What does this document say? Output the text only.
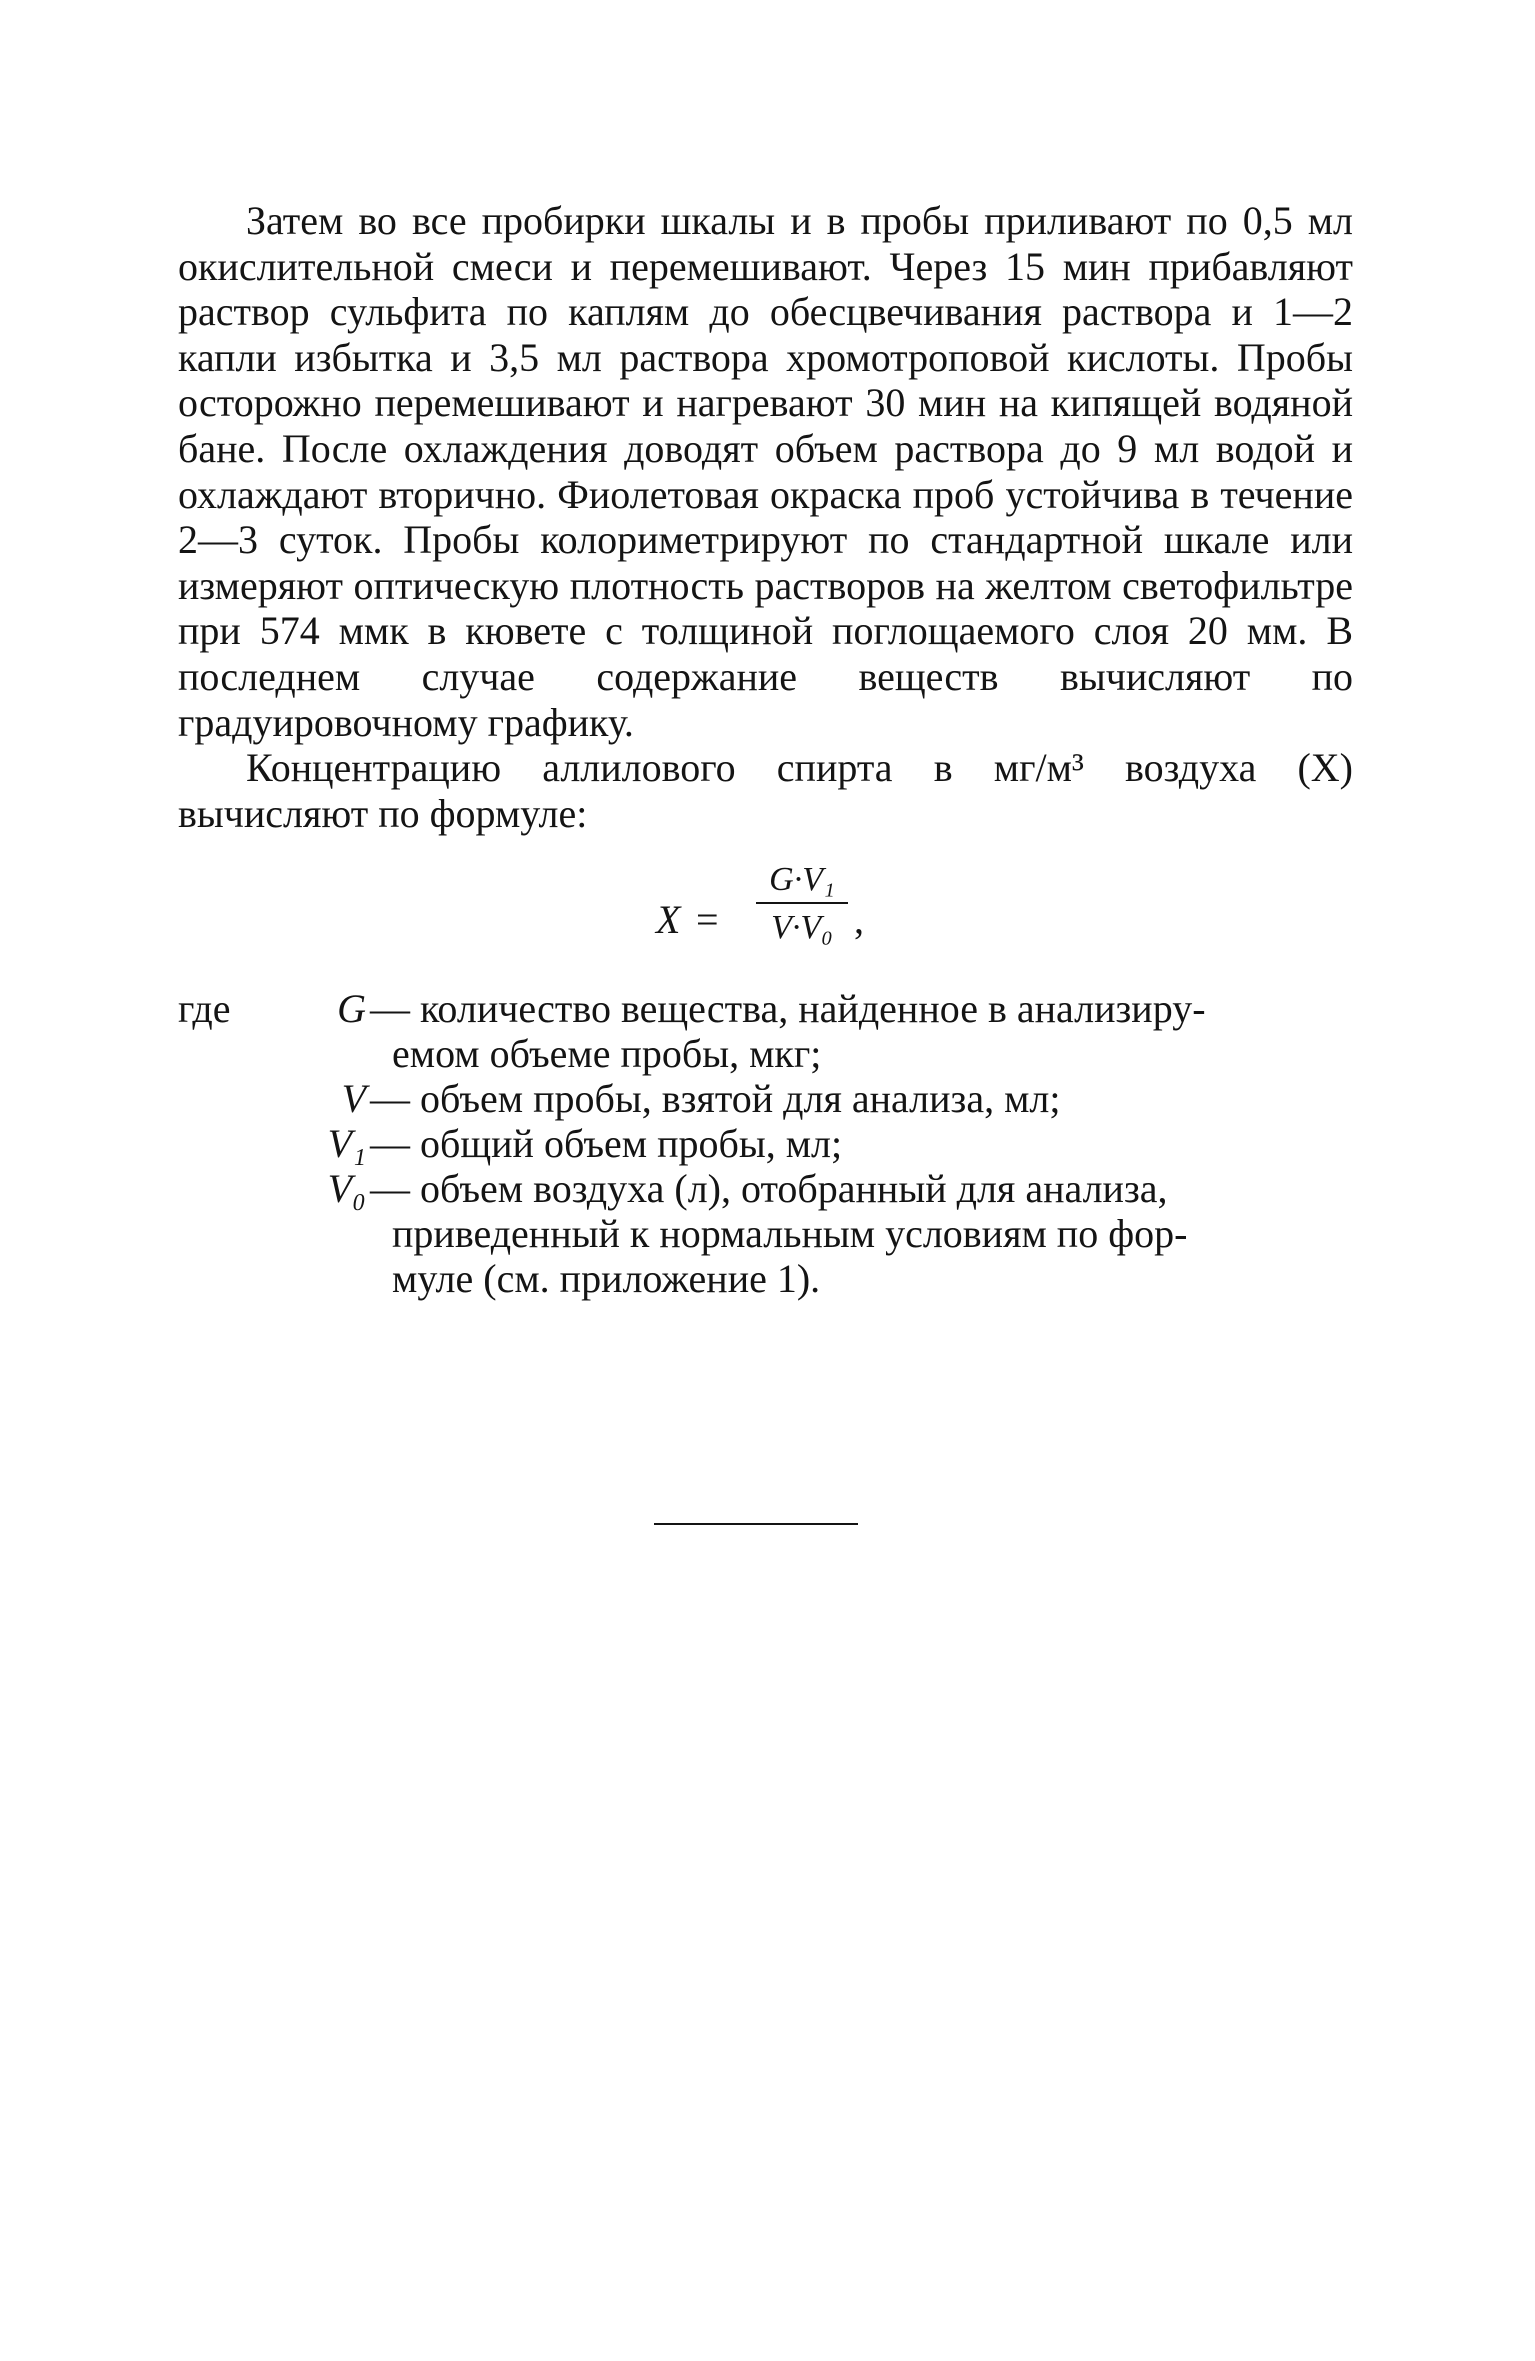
Затем во все пробирки шкалы и в пробы приливают по 0,5 мл окислительной смеси и перемешивают. Через 15 мин прибавляют раствор сульфита по каплям до обесцвечивания раствора и 1—2 капли избытка и 3,5 мл раствора хромотроповой кислоты. Пробы осторожно перемешивают и нагревают 30 мин на кипящей водяной бане. После охлаждения доводят объем раствора до 9 мл водой и охлаждают вторично. Фиолетовая окраска проб устойчива в течение 2—3 суток. Пробы колориметрируют по стандартной шкале или измеряют оптическую плотность растворов на желтом светофильтре при 574 ммк в кювете с толщиной поглощаемого слоя 20 мм. В последнем случае содержание веществ вычисляют по градуировочному графику.

Концентрацию аллилового спирта в мг/м³ воздуха (X) вычисляют по формуле:

X =
G·V₁
V·V₀ ,
где	G — количество вещества, найденное в анализиру-
емом объеме пробы, мкг;
V — объем пробы, взятой для анализа, мл;
V₁ — общий объем пробы, мл;
V₀ — объем воздуха (л), отобранный для анализа,
приведенный к нормальным условиям по фор-
муле (см. приложение 1).
